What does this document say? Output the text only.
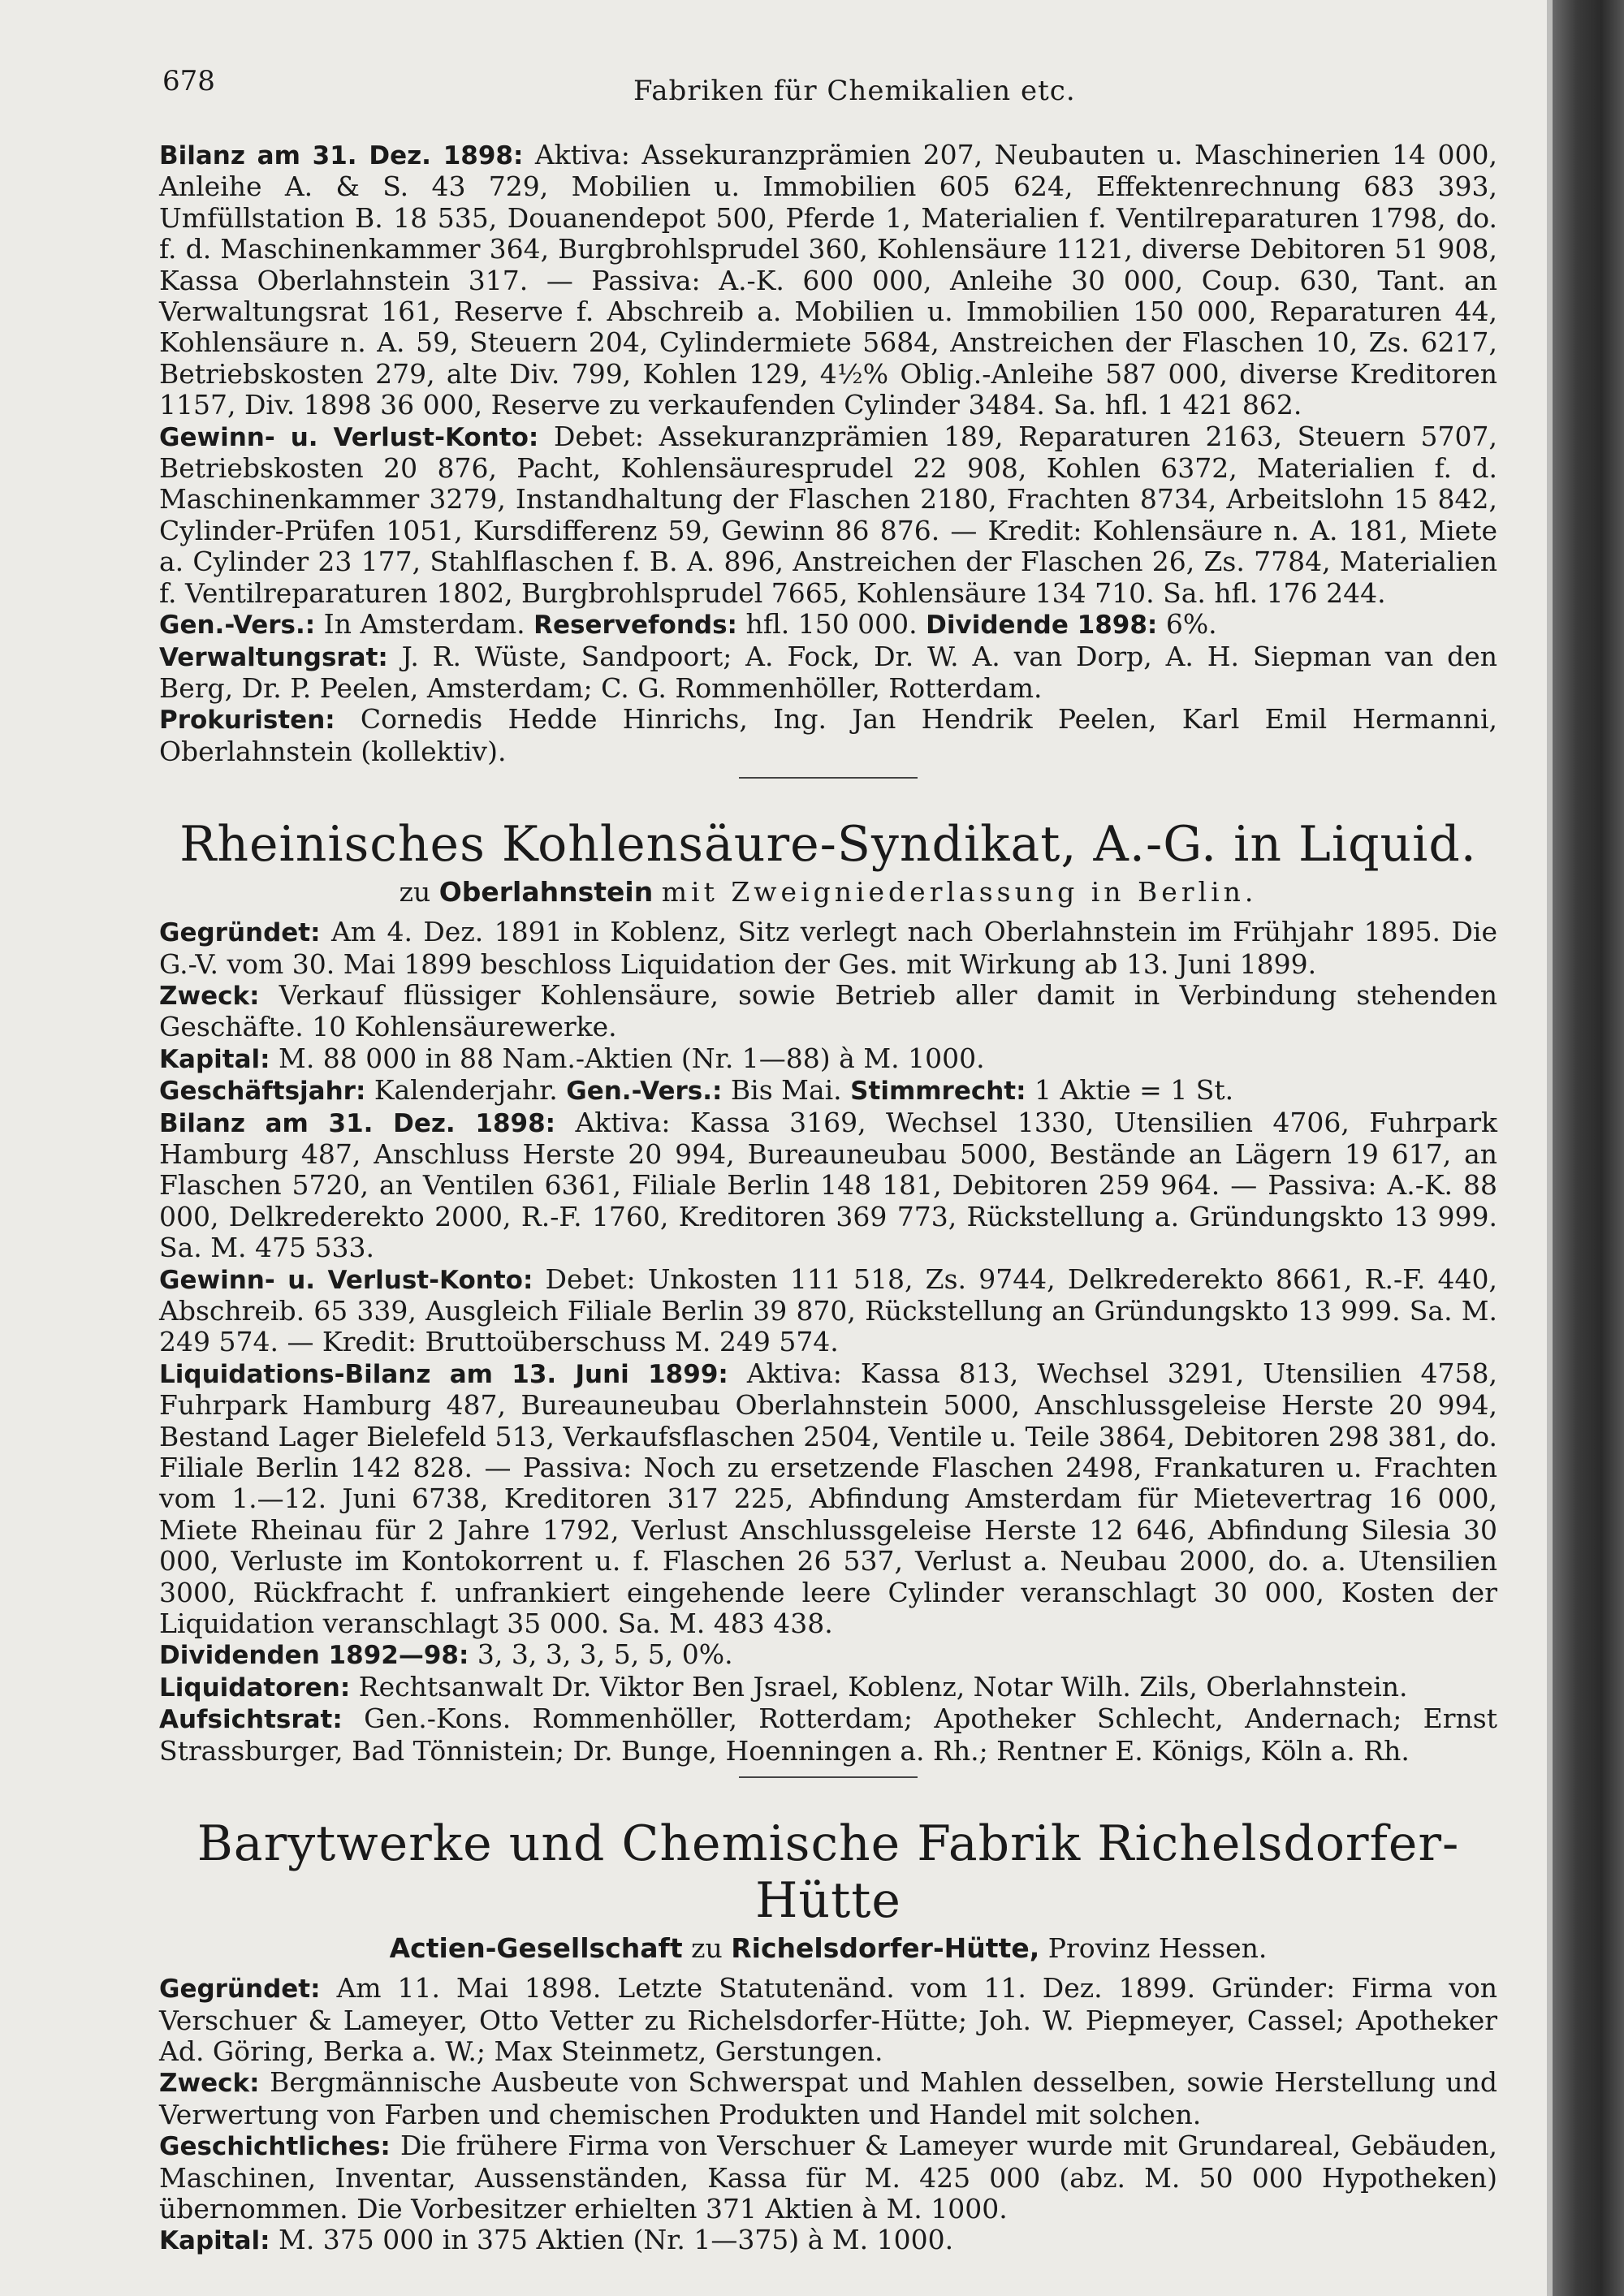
678	Fabriken für Chemikalien etc.

Bilanz am 31. Dez. 1898: Aktiva: Assekuranzprämien 207, Neubauten u. Maschinerien 14 000, Anleihe A. & S. 43 729, Mobilien u. Immobilien 605 624, Effektenrechnung 683 393, Umfüllstation B. 18 535, Douanendepot 500, Pferde 1, Materialien f. Ventilreparaturen 1798, do. f. d. Maschinenkammer 364, Burgbrohlsprudel 360, Kohlensäure 1121, diverse Debitoren 51 908, Kassa Oberlahnstein 317. — Passiva: A.-K. 600 000, Anleihe 30 000, Coup. 630, Tant. an Verwaltungsrat 161, Reserve f. Abschreib a. Mobilien u. Immobilien 150 000, Reparaturen 44, Kohlensäure n. A. 59, Steuern 204, Cylindermiete 5684, Anstreichen der Flaschen 10, Zs. 6217, Betriebskosten 279, alte Div. 799, Kohlen 129, 4½% Oblig.-Anleihe 587 000, diverse Kreditoren 1157, Div. 1898 36 000, Reserve zu verkaufenden Cylinder 3484. Sa. hfl. 1 421 862.

Gewinn- u. Verlust-Konto: Debet: Assekuranzprämien 189, Reparaturen 2163, Steuern 5707, Betriebskosten 20 876, Pacht, Kohlensäuresprudel 22 908, Kohlen 6372, Materialien f. d. Maschinenkammer 3279, Instandhaltung der Flaschen 2180, Frachten 8734, Arbeitslohn 15 842, Cylinder-Prüfen 1051, Kursdifferenz 59, Gewinn 86 876. — Kredit: Kohlensäure n. A. 181, Miete a. Cylinder 23 177, Stahlflaschen f. B. A. 896, Anstreichen der Flaschen 26, Zs. 7784, Materialien f. Ventilreparaturen 1802, Burgbrohlsprudel 7665, Kohlensäure 134 710. Sa. hfl. 176 244.

Gen.-Vers.: In Amsterdam. Reservefonds: hfl. 150 000. Dividende 1898: 6%.

Verwaltungsrat: J. R. Wüste, Sandpoort; A. Fock, Dr. W. A. van Dorp, A. H. Siepman van den Berg, Dr. P. Peelen, Amsterdam; C. G. Rommenhöller, Rotterdam.

Prokuristen: Cornedis Hedde Hinrichs, Ing. Jan Hendrik Peelen, Karl Emil Hermanni, Oberlahnstein (kollektiv).

Rheinisches Kohlensäure-Syndikat, A.-G. in Liquid.

zu Oberlahnstein mit Zweigniederlassung in Berlin.

Gegründet: Am 4. Dez. 1891 in Koblenz, Sitz verlegt nach Oberlahnstein im Frühjahr 1895. Die G.-V. vom 30. Mai 1899 beschloss Liquidation der Ges. mit Wirkung ab 13. Juni 1899.

Zweck: Verkauf flüssiger Kohlensäure, sowie Betrieb aller damit in Verbindung stehenden Geschäfte. 10 Kohlensäurewerke.

Kapital: M. 88 000 in 88 Nam.-Aktien (Nr. 1—88) à M. 1000.

Geschäftsjahr: Kalenderjahr. Gen.-Vers.: Bis Mai. Stimmrecht: 1 Aktie = 1 St.

Bilanz am 31. Dez. 1898: Aktiva: Kassa 3169, Wechsel 1330, Utensilien 4706, Fuhrpark Hamburg 487, Anschluss Herste 20 994, Bureauneubau 5000, Bestände an Lägern 19 617, an Flaschen 5720, an Ventilen 6361, Filiale Berlin 148 181, Debitoren 259 964. — Passiva: A.-K. 88 000, Delkrederekto 2000, R.-F. 1760, Kreditoren 369 773, Rückstellung a. Gründungskto 13 999. Sa. M. 475 533.

Gewinn- u. Verlust-Konto: Debet: Unkosten 111 518, Zs. 9744, Delkrederekto 8661, R.-F. 440, Abschreib. 65 339, Ausgleich Filiale Berlin 39 870, Rückstellung an Gründungskto 13 999. Sa. M. 249 574. — Kredit: Bruttoüberschuss M. 249 574.

Liquidations-Bilanz am 13. Juni 1899: Aktiva: Kassa 813, Wechsel 3291, Utensilien 4758, Fuhrpark Hamburg 487, Bureauneubau Oberlahnstein 5000, Anschlussgeleise Herste 20 994, Bestand Lager Bielefeld 513, Verkaufsflaschen 2504, Ventile u. Teile 3864, Debitoren 298 381, do. Filiale Berlin 142 828. — Passiva: Noch zu ersetzende Flaschen 2498, Frankaturen u. Frachten vom 1.—12. Juni 6738, Kreditoren 317 225, Abfindung Amsterdam für Mietevertrag 16 000, Miete Rheinau für 2 Jahre 1792, Verlust Anschlussgeleise Herste 12 646, Abfindung Silesia 30 000, Verluste im Kontokorrent u. f. Flaschen 26 537, Verlust a. Neubau 2000, do. a. Utensilien 3000, Rückfracht f. unfrankiert eingehende leere Cylinder veranschlagt 30 000, Kosten der Liquidation veranschlagt 35 000. Sa. M. 483 438.

Dividenden 1892—98: 3, 3, 3, 3, 5, 5, 0%.

Liquidatoren: Rechtsanwalt Dr. Viktor Ben Jsrael, Koblenz, Notar Wilh. Zils, Oberlahnstein.

Aufsichtsrat: Gen.-Kons. Rommenhöller, Rotterdam; Apotheker Schlecht, Andernach; Ernst Strassburger, Bad Tönnistein; Dr. Bunge, Hoenningen a. Rh.; Rentner E. Königs, Köln a. Rh.

Barytwerke und Chemische Fabrik Richelsdorfer-Hütte

Actien-Gesellschaft zu Richelsdorfer-Hütte, Provinz Hessen.

Gegründet: Am 11. Mai 1898. Letzte Statutenänd. vom 11. Dez. 1899. Gründer: Firma von Verschuer & Lameyer, Otto Vetter zu Richelsdorfer-Hütte; Joh. W. Piepmeyer, Cassel; Apotheker Ad. Göring, Berka a. W.; Max Steinmetz, Gerstungen.

Zweck: Bergmännische Ausbeute von Schwerspat und Mahlen desselben, sowie Herstellung und Verwertung von Farben und chemischen Produkten und Handel mit solchen.

Geschichtliches: Die frühere Firma von Verschuer & Lameyer wurde mit Grundareal, Gebäuden, Maschinen, Inventar, Aussenständen, Kassa für M. 425 000 (abz. M. 50 000 Hypotheken) übernommen. Die Vorbesitzer erhielten 371 Aktien à M. 1000.

Kapital: M. 375 000 in 375 Aktien (Nr. 1—375) à M. 1000.
